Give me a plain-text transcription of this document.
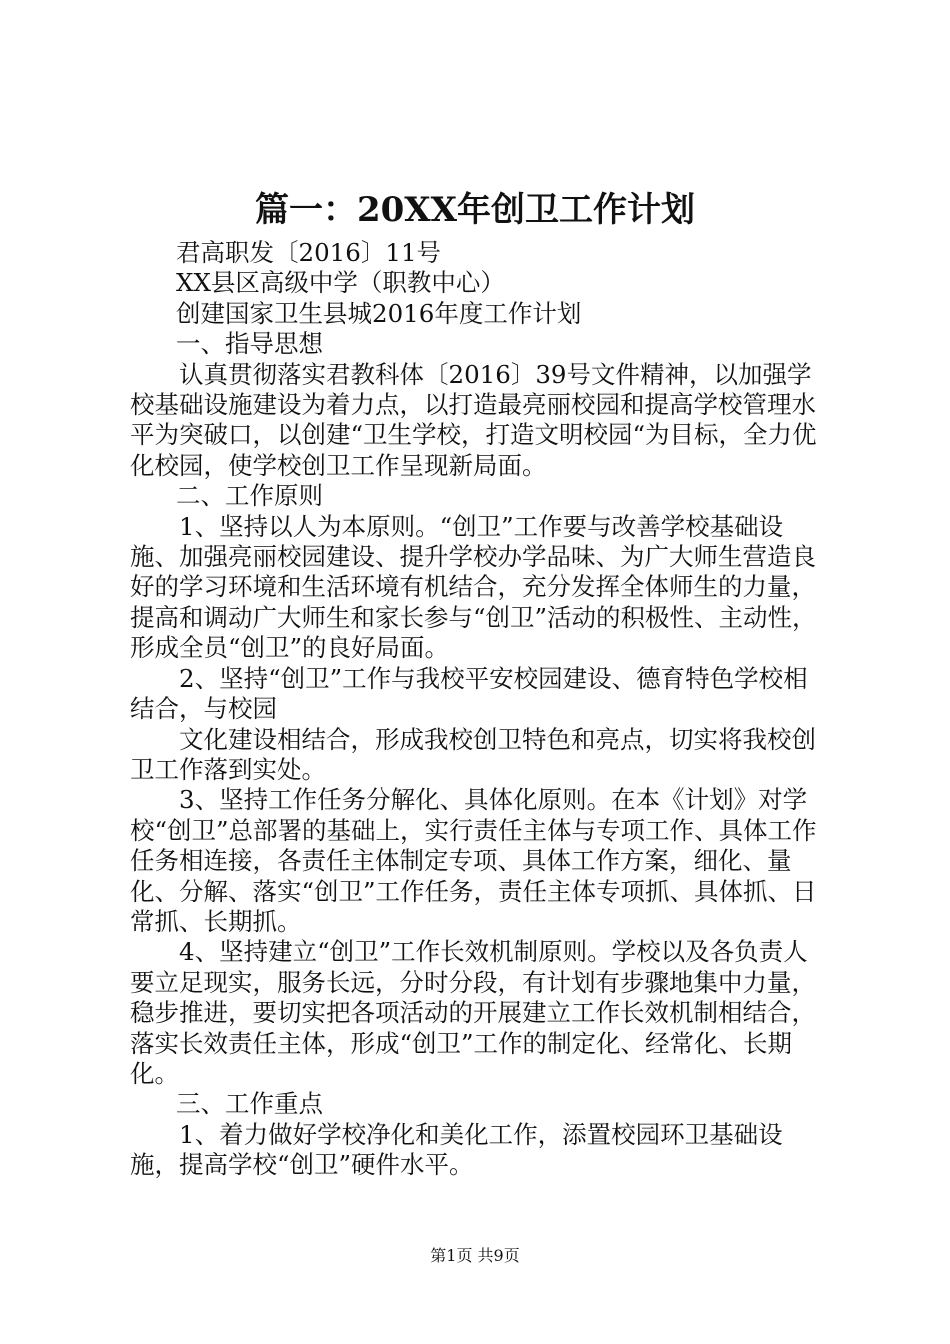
篇一：20XX年创卫工作计划

君高职发〔2016〕11号

XX县区高级中学（职教中心）

创建国家卫生县城2016年度工作计划

一、指导思想

认真贯彻落实君教科体〔2016〕39号文件精神，以加强学校基础设施建设为着力点，以打造最亮丽校园和提高学校管理水平为突破口，以创建“卫生学校，打造文明校园“为目标，全力优化校园，使学校创卫工作呈现新局面。

二、工作原则

1、坚持以人为本原则。“创卫”工作要与改善学校基础设施、加强亮丽校园建设、提升学校办学品味、为广大师生营造良好的学习环境和生活环境有机结合，充分发挥全体师生的力量，提高和调动广大师生和家长参与“创卫”活动的积极性、主动性，形成全员“创卫”的良好局面。

2、坚持“创卫”工作与我校平安校园建设、德育特色学校相结合，与校园

文化建设相结合，形成我校创卫特色和亮点，切实将我校创卫工作落到实处。

3、坚持工作任务分解化、具体化原则。在本《计划》对学校“创卫”总部署的基础上，实行责任主体与专项工作、具体工作任务相连接，各责任主体制定专项、具体工作方案，细化、量化、分解、落实“创卫”工作任务，责任主体专项抓、具体抓、日常抓、长期抓。

4、坚持建立“创卫”工作长效机制原则。学校以及各负责人要立足现实，服务长远，分时分段，有计划有步骤地集中力量，稳步推进，要切实把各项活动的开展建立工作长效机制相结合，落实长效责任主体，形成“创卫”工作的制定化、经常化、长期化。

三、工作重点

1、着力做好学校净化和美化工作，添置校园环卫基础设施，提高学校“创卫”硬件水平。

第1页 共9页
